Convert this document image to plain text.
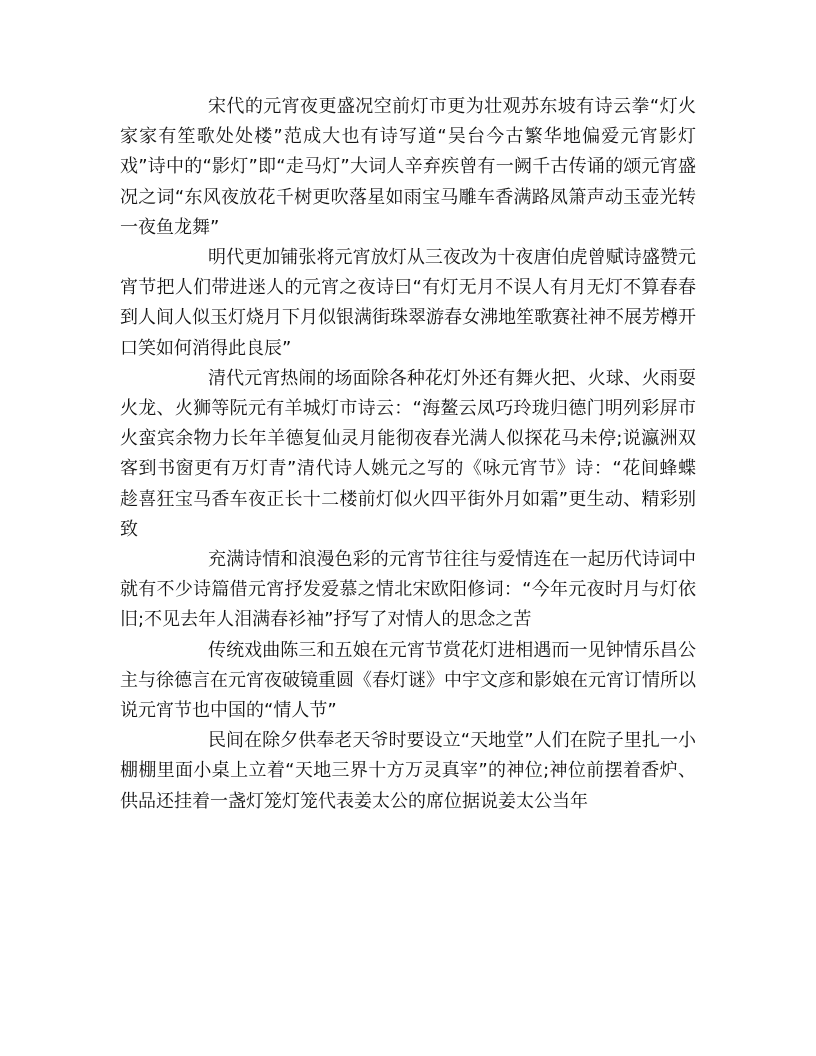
宋代的元宵夜更盛况空前灯市更为壮观苏东坡有诗云拳“灯火家家有笙歌处处楼”范成大也有诗写道“吴台今古繁华地偏爱元宵影灯戏”诗中的“影灯”即“走马灯”大词人辛弃疾曾有一阙千古传诵的颂元宵盛况之词“东风夜放花千树更吹落星如雨宝马雕车香满路凤箫声动玉壶光转一夜鱼龙舞”

明代更加铺张将元宵放灯从三夜改为十夜唐伯虎曾赋诗盛赞元宵节把人们带进迷人的元宵之夜诗曰“有灯无月不误人有月无灯不算春春到人间人似玉灯烧月下月似银满街珠翠游春女沸地笙歌赛社神不展芳樽开口笑如何消得此良辰”

清代元宵热闹的场面除各种花灯外还有舞火把、火球、火雨耍火龙、火狮等阮元有羊城灯市诗云：“海鳌云凤巧玲珑归德门明列彩屏市火蛮宾余物力长年羊德复仙灵月能彻夜春光满人似探花马未停;说瀛洲双客到书窗更有万灯青”清代诗人姚元之写的《咏元宵节》诗：“花间蜂蝶趁喜狂宝马香车夜正长十二楼前灯似火四平街外月如霜”更生动、精彩别致

充满诗情和浪漫色彩的元宵节往往与爱情连在一起历代诗词中就有不少诗篇借元宵抒发爱慕之情北宋欧阳修词：“今年元夜时月与灯依旧;不见去年人泪满春衫袖”抒写了对情人的思念之苦

传统戏曲陈三和五娘在元宵节赏花灯进相遇而一见钟情乐昌公主与徐德言在元宵夜破镜重圆《春灯谜》中宇文彦和影娘在元宵订情所以说元宵节也中国的“情人节”

民间在除夕供奉老天爷时要设立“天地堂”人们在院子里扎一小棚棚里面小桌上立着“天地三界十方万灵真宰”的神位;神位前摆着香炉、供品还挂着一盏灯笼灯笼代表姜太公的席位据说姜太公当年
